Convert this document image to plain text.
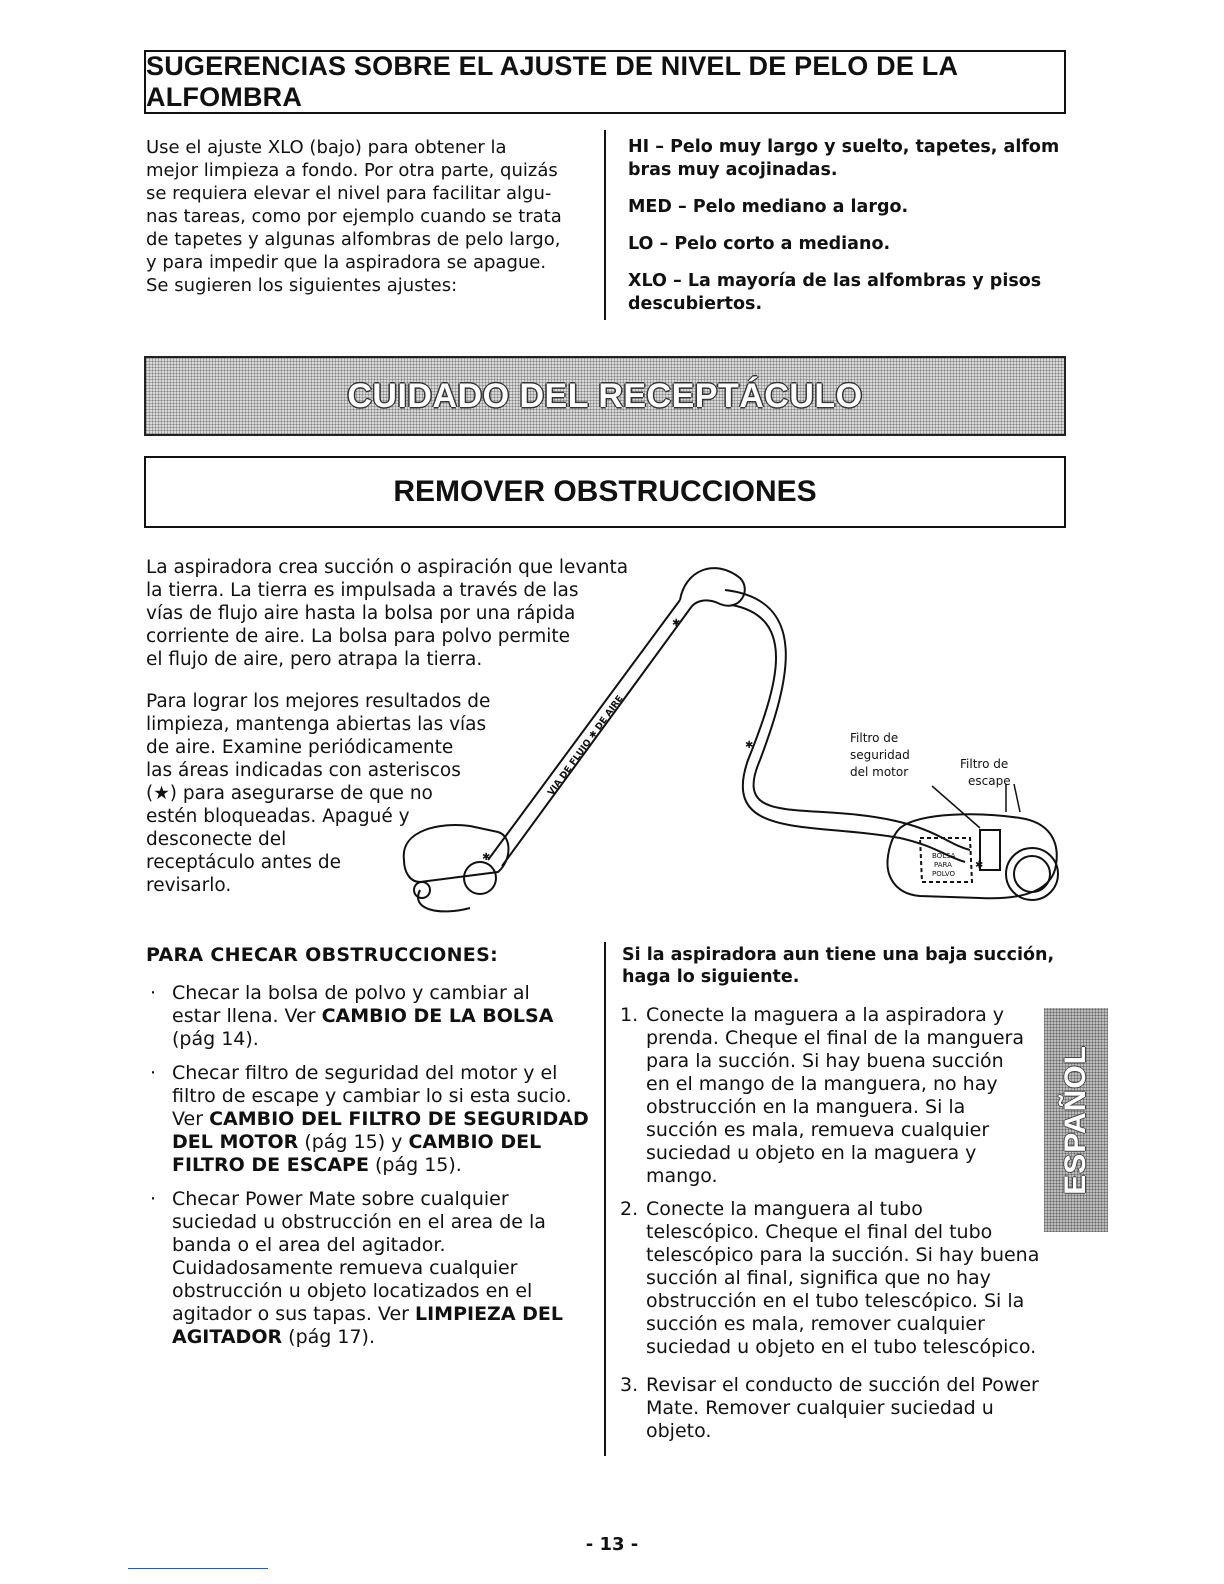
SUGERENCIAS SOBRE EL AJUSTE DE NIVEL DE PELO DE LA ALFOMBRA
Use el ajuste XLO (bajo) para obtener la
mejor limpieza a fondo. Por otra parte, quizás
se requiera elevar el nivel para facilitar algu-
nas tareas, como por ejemplo cuando se trata
de tapetes y algunas alfombras de pelo largo,
y para impedir que la aspiradora se apague.
Se sugieren los siguientes ajustes:
HI – Pelo muy largo y suelto, tapetes, alfom
bras muy acojinadas.
MED – Pelo mediano a largo.
LO – Pelo corto a mediano.
XLO – La mayoría de las alfombras y pisos
descubiertos.
CUIDADO DEL RECEPTÁCULO
REMOVER OBSTRUCCIONES
La aspiradora crea succión o aspiración que levanta
la tierra. La tierra es impulsada a través de las
vías de flujo aire hasta la bolsa por una rápida
corriente de aire. La bolsa para polvo permite
el flujo de aire, pero atrapa la tierra.
Para lograr los mejores resultados de
limpieza, mantenga abiertas las vías
de aire. Examine periódicamente
las áreas indicadas con asteriscos
(★) para asegurarse de que no
estén bloqueadas. Apagué y
desconecte del
receptáculo antes de
revisarlo.
VIA DE FLUJO ✱ DE AIRE
✱
✱
✱
✱
Filtro de
seguridad
del motor
Filtro de
escape
BOLSA
PARA
POLVO
PARA CHECAR OBSTRUCCIONES:
· Checar la bolsa de polvo y cambiar al
estar llena. Ver CAMBIO DE LA BOLSA
(pág 14).
· Checar filtro de seguridad del motor y el
filtro de escape y cambiar lo si esta sucio.
Ver CAMBIO DEL FILTRO DE SEGURIDAD
DEL MOTOR (pág 15) y CAMBIO DEL
FILTRO DE ESCAPE (pág 15).
· Checar Power Mate sobre cualquier
suciedad u obstrucción en el area de la
banda o el area del agitador.
Cuidadosamente remueva cualquier
obstrucción u objeto locatizados en el
agitador o sus tapas. Ver LIMPIEZA DEL
AGITADOR (pág 17).
Si la aspiradora aun tiene una baja succión,
haga lo siguiente.
1. Conecte la maguera a la aspiradora y
prenda. Cheque el final de la manguera
para la succión. Si hay buena succión
en el mango de la manguera, no hay
obstrucción en la manguera. Si la
succión es mala, remueva cualquier
suciedad u objeto en la maguera y
mango.
2. Conecte la manguera al tubo
telescópico. Cheque el final del tubo
telescópico para la succión. Si hay buena
succión al final, significa que no hay
obstrucción en el tubo telescópico. Si la
succión es mala, remover cualquier
suciedad u objeto en el tubo telescópico.
3. Revisar el conducto de succión del Power
Mate. Remover cualquier suciedad u
objeto.
ESPAÑOL
- 13 -
